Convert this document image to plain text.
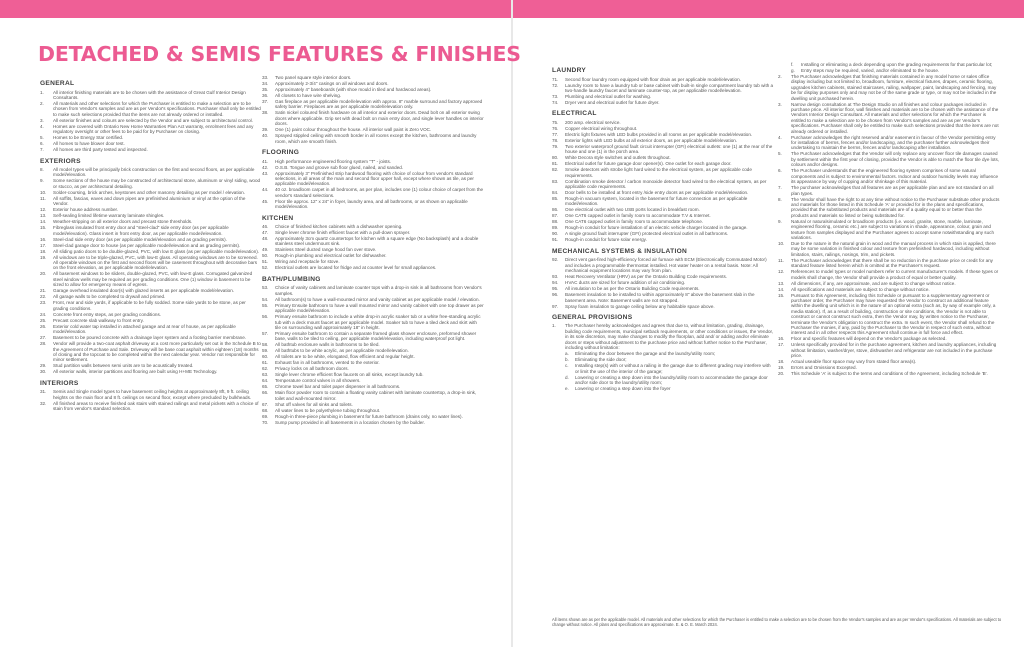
DETACHED & SEMIS FEATURES & FINISHES
GENERAL
1.	All interior finishing materials are to be chosen with the assistance of Great Gulf Interior Design Consultants.
2.	All materials and other selections for which the Purchaser is entitled to make a selection are to be chosen from Vendor's samples and are as per Vendor's specifications. Purchaser shall only be entitled to make such selections provided that the items are not already ordered or installed.
3.	All exterior finishes and colours are selected by the Vendor and are subject to architectural control.
4.	Homes are covered with Ontario New Home Warranties Plan Act warranty, enrolment fees and any regulatory oversight or other fees to be paid for by Purchaser on closing.
5.	Homes to be Energy Star certified.
6.	All homes to have blower door test.
7.	All homes are third party tested and inspected.
EXTERIORS
8.	All model types will be principally brick construction on the first and second floors, as per applicable model/elevation.
9.	Some sections of the house may be constructed of architectural stone, aluminum or vinyl siding, wood or stucco, as per architectural detailing.
10.	Solder-coursing, brick arches, keystones and other masonry detailing as per model / elevation.
11.	All soffits, fascias, eaves and down pipes are prefinished aluminium or vinyl at the option of the Vendor.
12.	Exterior house address number.
13.	Self-sealing limited lifetime warranty laminate shingles.
14.	Weather-stripping on all exterior doors and precast stone thresholds.
15.	Fibreglass insulated front entry door and "steel-clad" side entry door (as per applicable model/elevation). Glass insert in front entry door, as per applicable model/elevation.
16.	Steel-clad side entry door (as per applicable model/elevation and as grading permits).
17.	Steel-clad garage door to house (as per applicable model/elevation and as grading permits).
18.	All sliding patio doors to be double-glazed, PVC, with low E glass (as per applicable model/elevation).
19.	All windows are to be triple-glazed, PVC, with low-E glass. All operating windows are to be screened. All operable windows on the first and second floors will be casement throughout with decorative bars on the front elevation, as per applicable model/elevation.
20.	All basement windows to be sliders, double-glazed, PVC, with low-E glass. Corrugated galvanized steel window wells may be required as per grading conditions. One (1) window in basement to be sized to allow for emergency means of egress.
21.	Garage overhead insulated door(s) with glazed inserts as per applicable model/elevation.
22.	All garage walls to be completed to drywall and primed.
23.	Front, rear and side yards, if applicable to be fully sodded. Some side yards to be stone, as per grading conditions.
24.	Concrete front entry steps, as per grading conditions.
25.	Precast concrete slab walkway to front entry.
26.	Exterior cold water tap installed in attached garage and at rear of house, as per applicable model/elevation.
27.	Basement to be poured concrete with a drainage layer system and a footing barrier membrane.
28.	Vendor will provide a two-coat asphalt driveway at a cost more particularly set out in the Schedule B to the Agreement of Purchase and Sale. Driveway will be base coat asphalt within eighteen (18) months of closing and the topcoat to be completed within the next calendar year. Vendor not responsible for minor settlement.
29.	Stud partition walls between semi units are to be acoustically treated.
30.	All exterior walls, interior partitions and flooring are built using H+ME Technology.
INTERIORS
31.	Semis and Single model types to have basement ceiling heights at approximately 8ft, 9 ft. ceiling heights on the main floor and 8 ft. ceilings on second floor, except where precluded by bulkheads.
32.	All finished areas to receive finished oak stairs with stained railings and metal pickets with a choice of stain from vendor's standard selection.
33.	Two panel square style interior doors.
34.	Approximately 2-3/4" casings on all windows and doors.
35.	Approximately 4" baseboards (with shoe mould in tiled and hardwood areas).
36.	All closets to have wire shelving.
37.	Gas fireplace as per applicable model/elevation with approx. 8" marble surround and factory approved safety barrier. Fireplaces are as per applicable model/elevation only.
38.	Satin nickel coloured finish hardware on all interior and exterior doors. Dead bolt on all exterior swing doors where applicable. Grip set with dead bolt on main entry door, and single lever handles on interior doors.
39.	One (1) paint colour throughout the house. All interior wall paint is Zero VOC.
40.	Sprayed stippled ceiling with smooth border in all rooms except the kitchen, bathrooms and laundry room, which are smooth finish.
FLOORING
41.	High performance engineered flooring system "T" - joists.
42.	O.S.B. Tongue and groove sub floor glued, nailed, and sanded.
43.	Approximately 3" Prefinished strip hardwood flooring with choice of colour from vendor's standard selections, in all areas of the main and second floor upper hall, except where shown as tile, as per applicable model/elevation.
44.	40 oz. broadloom carpet in all bedrooms, as per plan, includes one (1) colour choice of carpet from the vendor's standard selections.
45.	Floor tile approx. 12" x 24" in foyer, laundry area, and all bathrooms, or as shown on applicable model/elevation.
KITCHEN
46.	Choice of finished kitchen cabinets with a dishwasher opening.
47.	Single lever chrome finish efficient faucet with a pull-down sprayer.
48.	Approximately 3cm quartz countertops for kitchen with a square edge (No backsplash) and a double stainless steel undermount sink.
49.	Stainless Steel ducted range hood fan over stove.
50.	Rough-in plumbing and electrical outlet for dishwasher.
51.	Wiring and receptacle for stove.
52.	Electrical outlets are located for fridge and at counter level for small appliances.
BATH/PLUMBING
53.	Choice of vanity cabinets and laminate counter tops with a drop-in sink in all bathrooms from Vendor's samples.
54.	All bathroom(s) to have a wall-mounted mirror and vanity cabinet as per applicable model / elevation.
55.	Primary Ensuite bathroom to have a wall mounted mirror and vanity cabinet with one top drawer as per applicable model/elevation.
56.	Primary ensuite bathroom to include a white drop-in acrylic soaker tub or a white free-standing acrylic tub with a deck mount faucet as per applicable model. Soaker tub to have a tiled deck and skirt with tile on surrounding wall approximately 18" in height.
57.	Primary ensuite bathroom to contain a separate framed glass shower enclosure, preformed shower base, walls to be tiled to ceiling, per applicable model/elevation, including waterproof pot light.
58.	All bathtub enclosure walls in bathrooms to be tiled.
59.	All bathtubs to be white acrylic, as per applicable model/elevation.
60.	All toilets are to be white, elongated, flow efficient and regular height.
61.	Exhaust fan in all bathrooms, vented to the exterior.
62.	Privacy locks on all bathroom doors.
63.	Single lever chrome efficient flow faucets on all sinks, except laundry tub.
64.	Temperature control valves in all showers.
65.	Chrome towel bar and toilet paper dispenser in all bathrooms.
66.	Main floor powder room to contain a floating vanity cabinet with laminate countertop, a drop-in sink, toilet and wall-mounted mirror.
67.	Shut off valves for all sinks and toilets.
68.	All water lines to be polyethylene tubing throughout.
69.	Rough-in three-piece plumbing in basement for future bathroom (drains only, no water lines).
70.	Sump pump provided in all basements in a location chosen by the builder.
LAUNDRY
71.	Second floor laundry room equipped with floor drain as per applicable model/elevation.
72.	Laundry room to have a laundry tub or base cabinet with built-in single compartment laundry tub with a two-handle laundry faucet and laminate counter-top, as per applicable model/elevation.
73.	Plumbing and electrical outlet for washing.
74.	Dryer vent and electrical outlet for future dryer.
ELECTRICAL
75.	200 amp. electrical service.
76.	Copper electrical wiring throughout.
77.	Electric light fixtures with LED bulbs provided in all rooms as per applicable model/elevation.
78.	Exterior lights with LED bulbs at all exterior doors, as per applicable model/elevation.
79.	Two exterior waterproof ground fault circuit interrupter (GFI) electrical outlets: one (1) at the rear of the house and one (1) in the porch area.
80.	White Decora style switches and outlets throughout.
81.	Electrical outlet for future garage door opener(s). One outlet for each garage door.
82.	Smoke detectors with strobe light hard wired to the electrical system, as per applicable code requirements.
83.	Combination smoke detector / carbon monoxide detector hard wired to the electrical system, as per applicable code requirements.
84.	Door bells to be installed at front entry /side entry doors as per applicable model/elevation.
85.	Rough-in vacuum system, located in the basement for future connection as per applicable model/elevation.
86.	One electrical outlet with two USB ports located in breakfast room.
87.	One CAT6 capped outlet in family room to accommodate T.V & Internet.
88.	One CAT6 capped outlet in family room to accommodate telephone.
89.	Rough-in conduit for future installation of an electric vehicle charger located in the garage.
90.	A single ground fault interrupter (GFI) protected electrical outlet in all bathrooms.
91.	Rough-in conduit for future solar energy.
MECHANICAL SYSTEMS & INSULATION
92.	Direct vent gas-fired high-efficiency forced air furnace with ECM (Electronically Commutated Motor) and includes a programmable thermostat installed. Hot water heater on a rental basis. Note: All mechanical equipment locations may vary from plan.
93.	Heat Recovery Ventilator (HRV) as per the Ontario Building Code requirements.
94.	HVAC ducts are sized for future addition of air conditioning.
95.	All insulation to be as per the Ontario Building Code requirements.
96.	Basement insulation to be installed to within approximately 8" above the basement slab in the basement area. Note: Basement walls are not strapped.
97.	Spray foam insulation to garage ceiling below any habitable space above.
GENERAL PROVISIONS
1.	The Purchaser hereby acknowledges and agrees that due to, without limitation, grading, drainage, building code requirements, municipal setback requirements, or other conditions or issues, the Vendor, in its sole discretion, may make changes to modify the floorplan, add and/ or adding and/or eliminate doors or steps without adjustment to the purchase price and without further notice to the Purchaser, including without limitation:
a.	Eliminating the door between the garage and the laundry/utility room;
b.	Eliminating the side door;
c.	Installing step(s) with or without a railing in the garage due to different grading may interfere with or limit the use of the interior of the garage;
d.	Lowering or creating a step down into the laundry/utility room to accommodate the garage door and/or side door to the laundry/utility room;
e.	Lowering or creating a step down into the foyer
f.	Installing or eliminating a deck depending upon the grading requirements for that particular lot;
g.	Entry steps may be required, varied, and/or eliminated to the house.
2.	The Purchaser acknowledges that finishing materials contained in any model home or sales office display including but not limited to, broadloom, furniture, electrical fixtures, drapes, ceramic flooring, upgrades kitchen cabinets, stained staircases, railing, wallpaper, paint, landscaping and fencing, may be for display purposes only and may not be of the same grade or type, or may not be included in the dwelling unit purchased herein.
3.	Narrow design consultation at The Design Studio on all finishes and colour packages included in purchase price. All interior floor, wall finishes and materials are to be chosen with the assistance of the Vendors Interior Design Consultant. All materials and other selections for which the Purchaser is entitled to make a selection are to be chosen from Vendor's samples and are as per Vendor's specifications. Purchaser shall only be entitled to make such selections provided that the items are not already ordered or installed.
4.	Purchaser acknowledges the right reserved and/or easement in favour of the Vendor permitting entry for installation of berms, fences and/or landscaping, and the purchaser further acknowledges their undertaking to maintain the berms, fences and/or landscaping after installation.
5.	The Purchaser acknowledges that the Vendor will only replace any uncover floor tile damages caused by settlement within the first year of closing, provided the Vendor is able to match the floor tile dye lots, colours and/or designs.
6.	The Purchaser understands that the engineered flooring system comprises of some natural components and is subject to environmental factors. Indoor and outdoor humidity levels may influence its appearance by way of cupping and/or shrinkage of this material.
7.	The purchaser acknowledges that all features are as per applicable plan and are not standard on all plan types.
8.	The Vendor shall have the right to at any time without notice to the Purchaser substitute other products and materials for those listed in this Schedule 'A' or provided for in the plans and specifications, provided that the substituted products and materials are of a quality equal to or better than the products and materials so listed or being substituted for.
9.	Natural or naturalsimulated or broadloom products (i.e. wood, granite, stone, marble, laminate, engineered flooring, ceramic etc.) are subject to variations in shade, appearance, colour, grain and texture from samples displayed and the Purchaser agrees to accept same notwithstanding any such variations.
10.	Due to the nature in the natural grain in wood and the manual process in which stain is applied, there may be some variation in finished colour and texture from prefinished hardwood, including without limitation, stairs, railings, nosings, trim, and pickets.
11.	The Purchaser acknowledges that there shall be no reduction in the purchase price or credit for any standard feature listed herein which is omitted at the Purchaser's request.
12.	References to model types or model numbers refer to current manufacturer's models. If these types or models shall change, the Vendor shall provide a product of equal or better quality.
13.	All dimensions, if any, are approximate, and are subject to change without notice.
14.	All specifications and materials are subject to change without notice.
15.	Pursuant to this Agreement, including this Schedule or pursuant to a supplementary agreement or purchaser order, the Purchaser may have requested the Vendor to construct an additional feature within the dwelling unit which is in the nature of an optional extra (such as, by way of example only, a media station). If, as a result of building, construction or site conditions, the Vendor is not able to construct or cannot construct such extra, then the Vendor may, by written notice to the Purchaser, terminate the Vendor's obligation to construct the extra. In such event, the Vendor shall refund to the Purchaser the monies, if any, paid by the Purchaser to the Vendor in respect of such extra, without interest and in all other respects this Agreement shall continue in full force and effect.
16.	Floor and specific features will depend on the Vendor's package as selected.
17.	Unless specifically provided for in the purchase agreement, kitchen and laundry appliances, including without limitation, washer/dryer, stove, dishwasher and refrigerator are not included in the purchase price.
18.	Actual useable floor space may vary from stated floor area(s).
19.	Errors and Omissions Excepted.
20.	This Schedule 'A' is subject to the terms and conditions of the Agreement, including Schedule 'B'.
All items shown are as per the applicable model. All materials and other selections for which the Purchaser is entitled to make a selection are to be chosen from the Vendor's samples and are as per Vendor's specifications. All materials are subject to change without notice. All plans and specifications are approximate. E. & O. E. March 2024.
